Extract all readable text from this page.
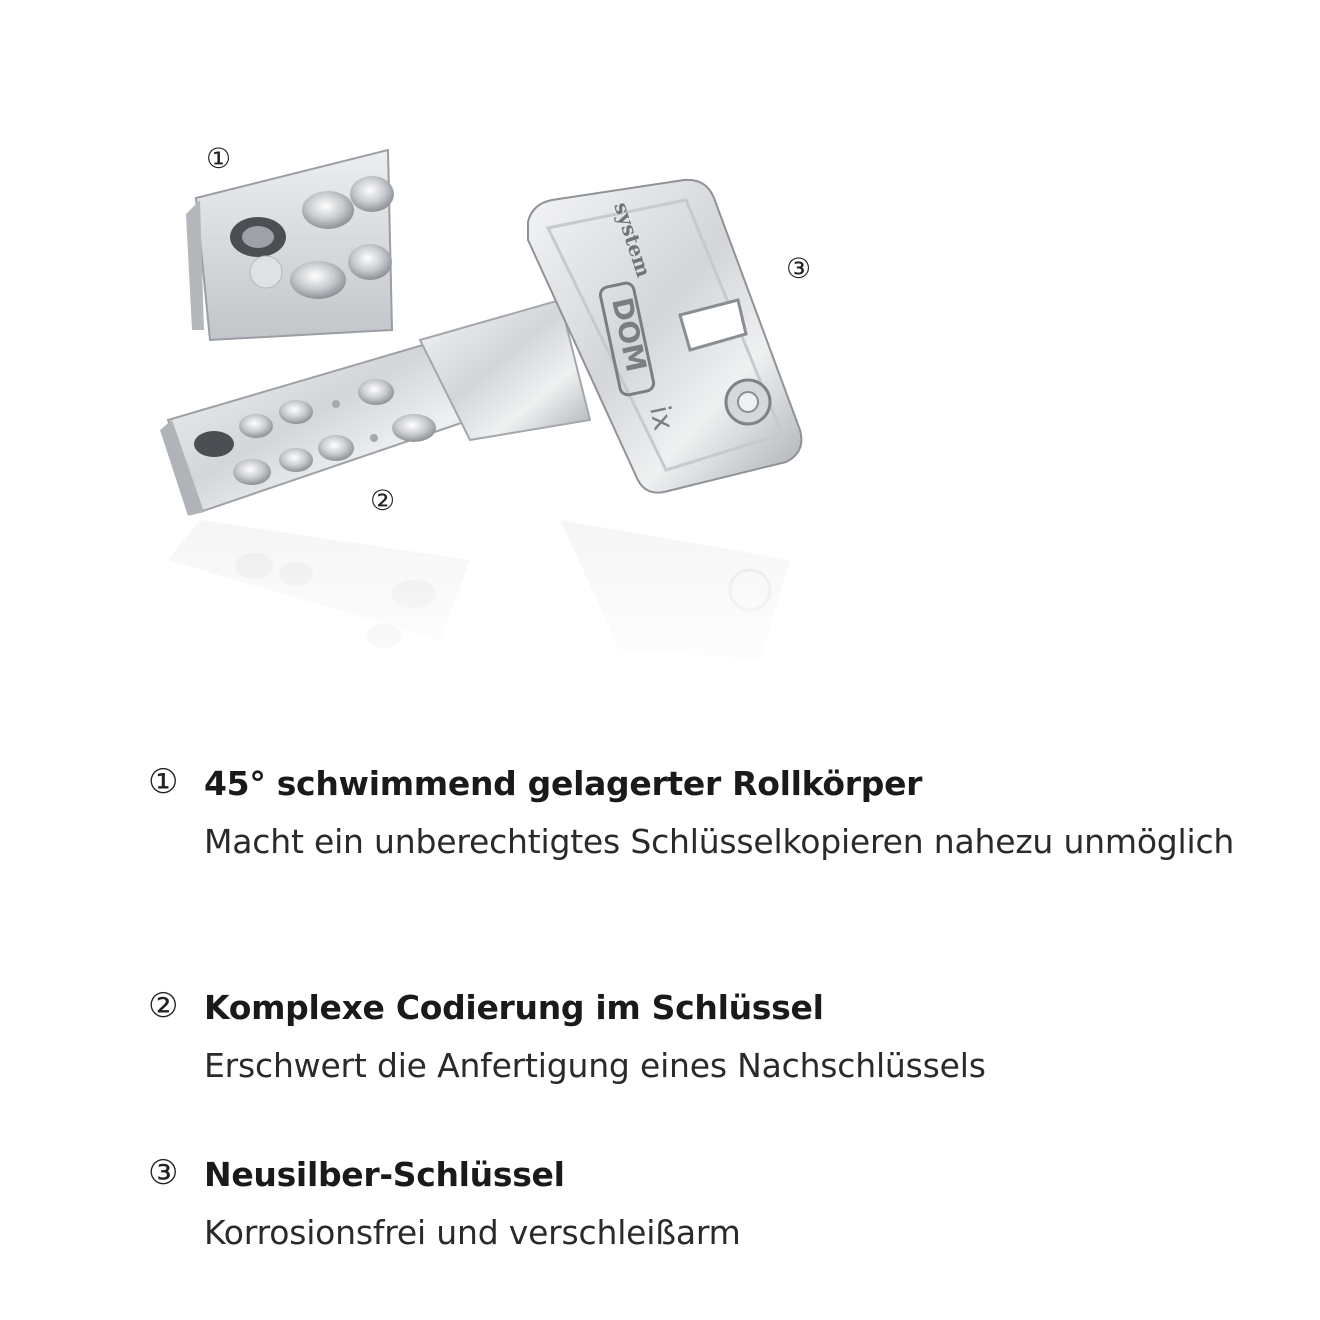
system
DOM
ix
①
②
③
① 45° schwimmend gelagerter Rollkörper
Macht ein unberechtigtes Schlüsselkopieren nahezu unmöglich
② Komplexe Codierung im Schlüssel
Erschwert die Anfertigung eines Nachschlüssels
③ Neusilber-Schlüssel
Korrosionsfrei und verschleißarm
